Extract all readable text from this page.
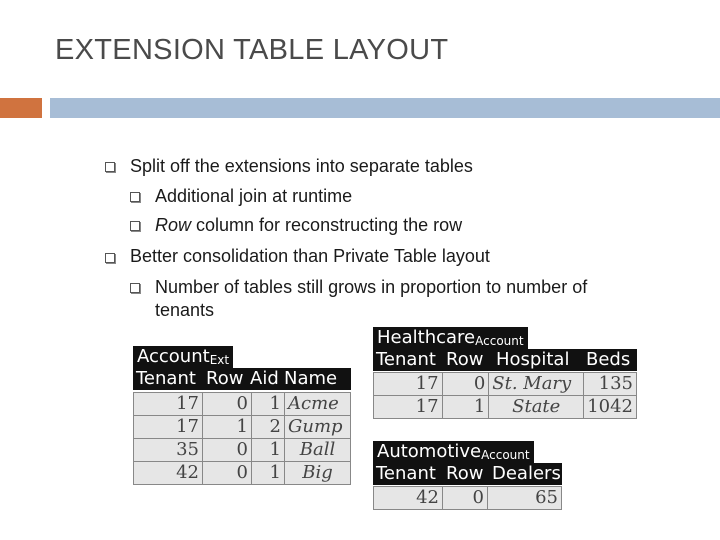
EXTENSION TABLE LAYOUT
Split off the extensions into separate tables
Additional join at runtime
Row column for reconstructing the row
Better consolidation than Private Table layout
Number of tables still grows in proportion to number of
tenants
Account$_{Ext}$
Tenant Row Aid Name
17	0	1	Acme
17	1	2	Gump
35	0	1	Ball
42	0	1	Big
Healthcare$_{Account}$
Tenant Row Hospital Beds
17	0	St. Mary	135
17	1	State	1042
Automotive$_{Account}$
Tenant Row Dealers
42	0	65
